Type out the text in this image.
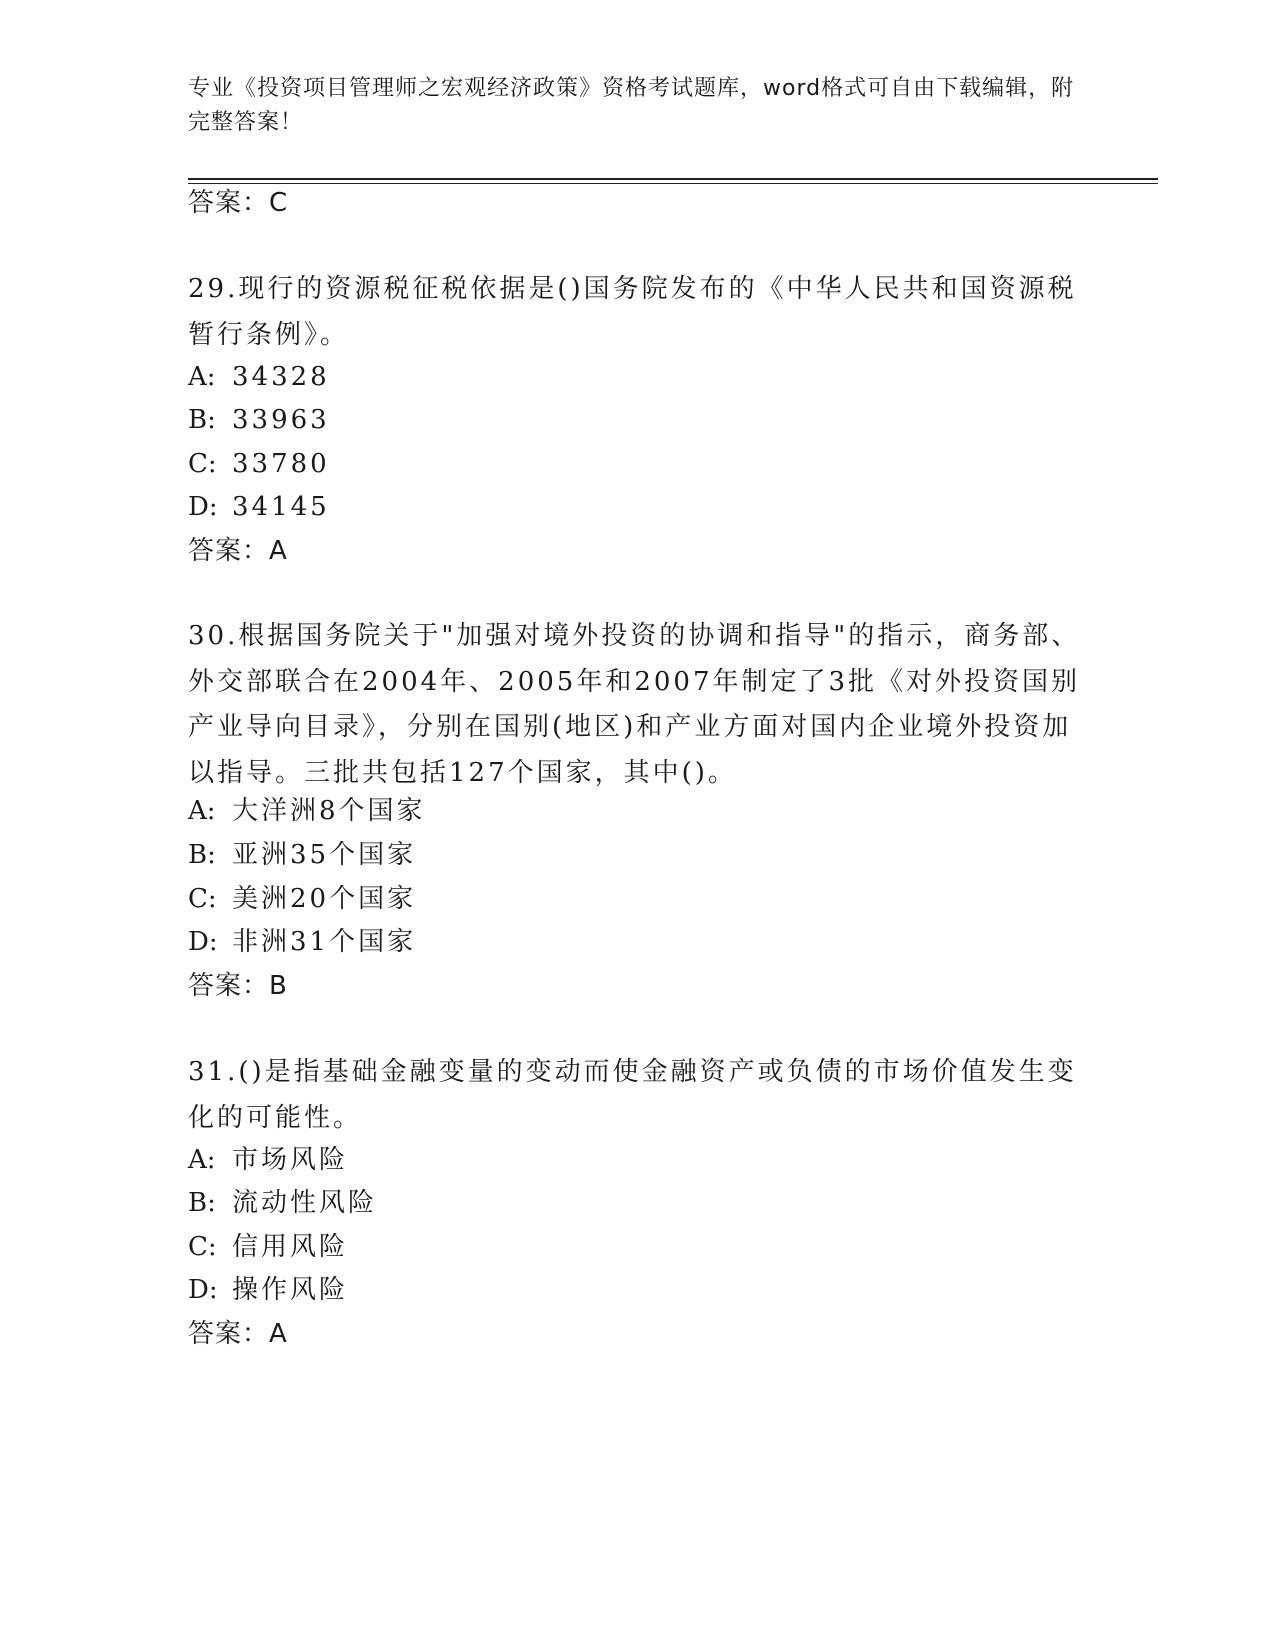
专业《投资项目管理师之宏观经济政策》资格考试题库，word格式可自由下载编辑，附完整答案！
答案：C
29.现行的资源税征税依据是()国务院发布的《中华人民共和国资源税暂行条例》。
A: 34328
B: 33963
C: 33780
D: 34145
答案：A
30.根据国务院关于"加强对境外投资的协调和指导"的指示，商务部、外交部联合在2004年、2005年和2007年制定了3批《对外投资国别产业导向目录》，分别在国别(地区)和产业方面对国内企业境外投资加以指导。三批共包括127个国家，其中()。
A: 大洋洲8个国家
B: 亚洲35个国家
C: 美洲20个国家
D: 非洲31个国家
答案：B
31.()是指基础金融变量的变动而使金融资产或负债的市场价值发生变化的可能性。
A: 市场风险
B: 流动性风险
C: 信用风险
D: 操作风险
答案：A
